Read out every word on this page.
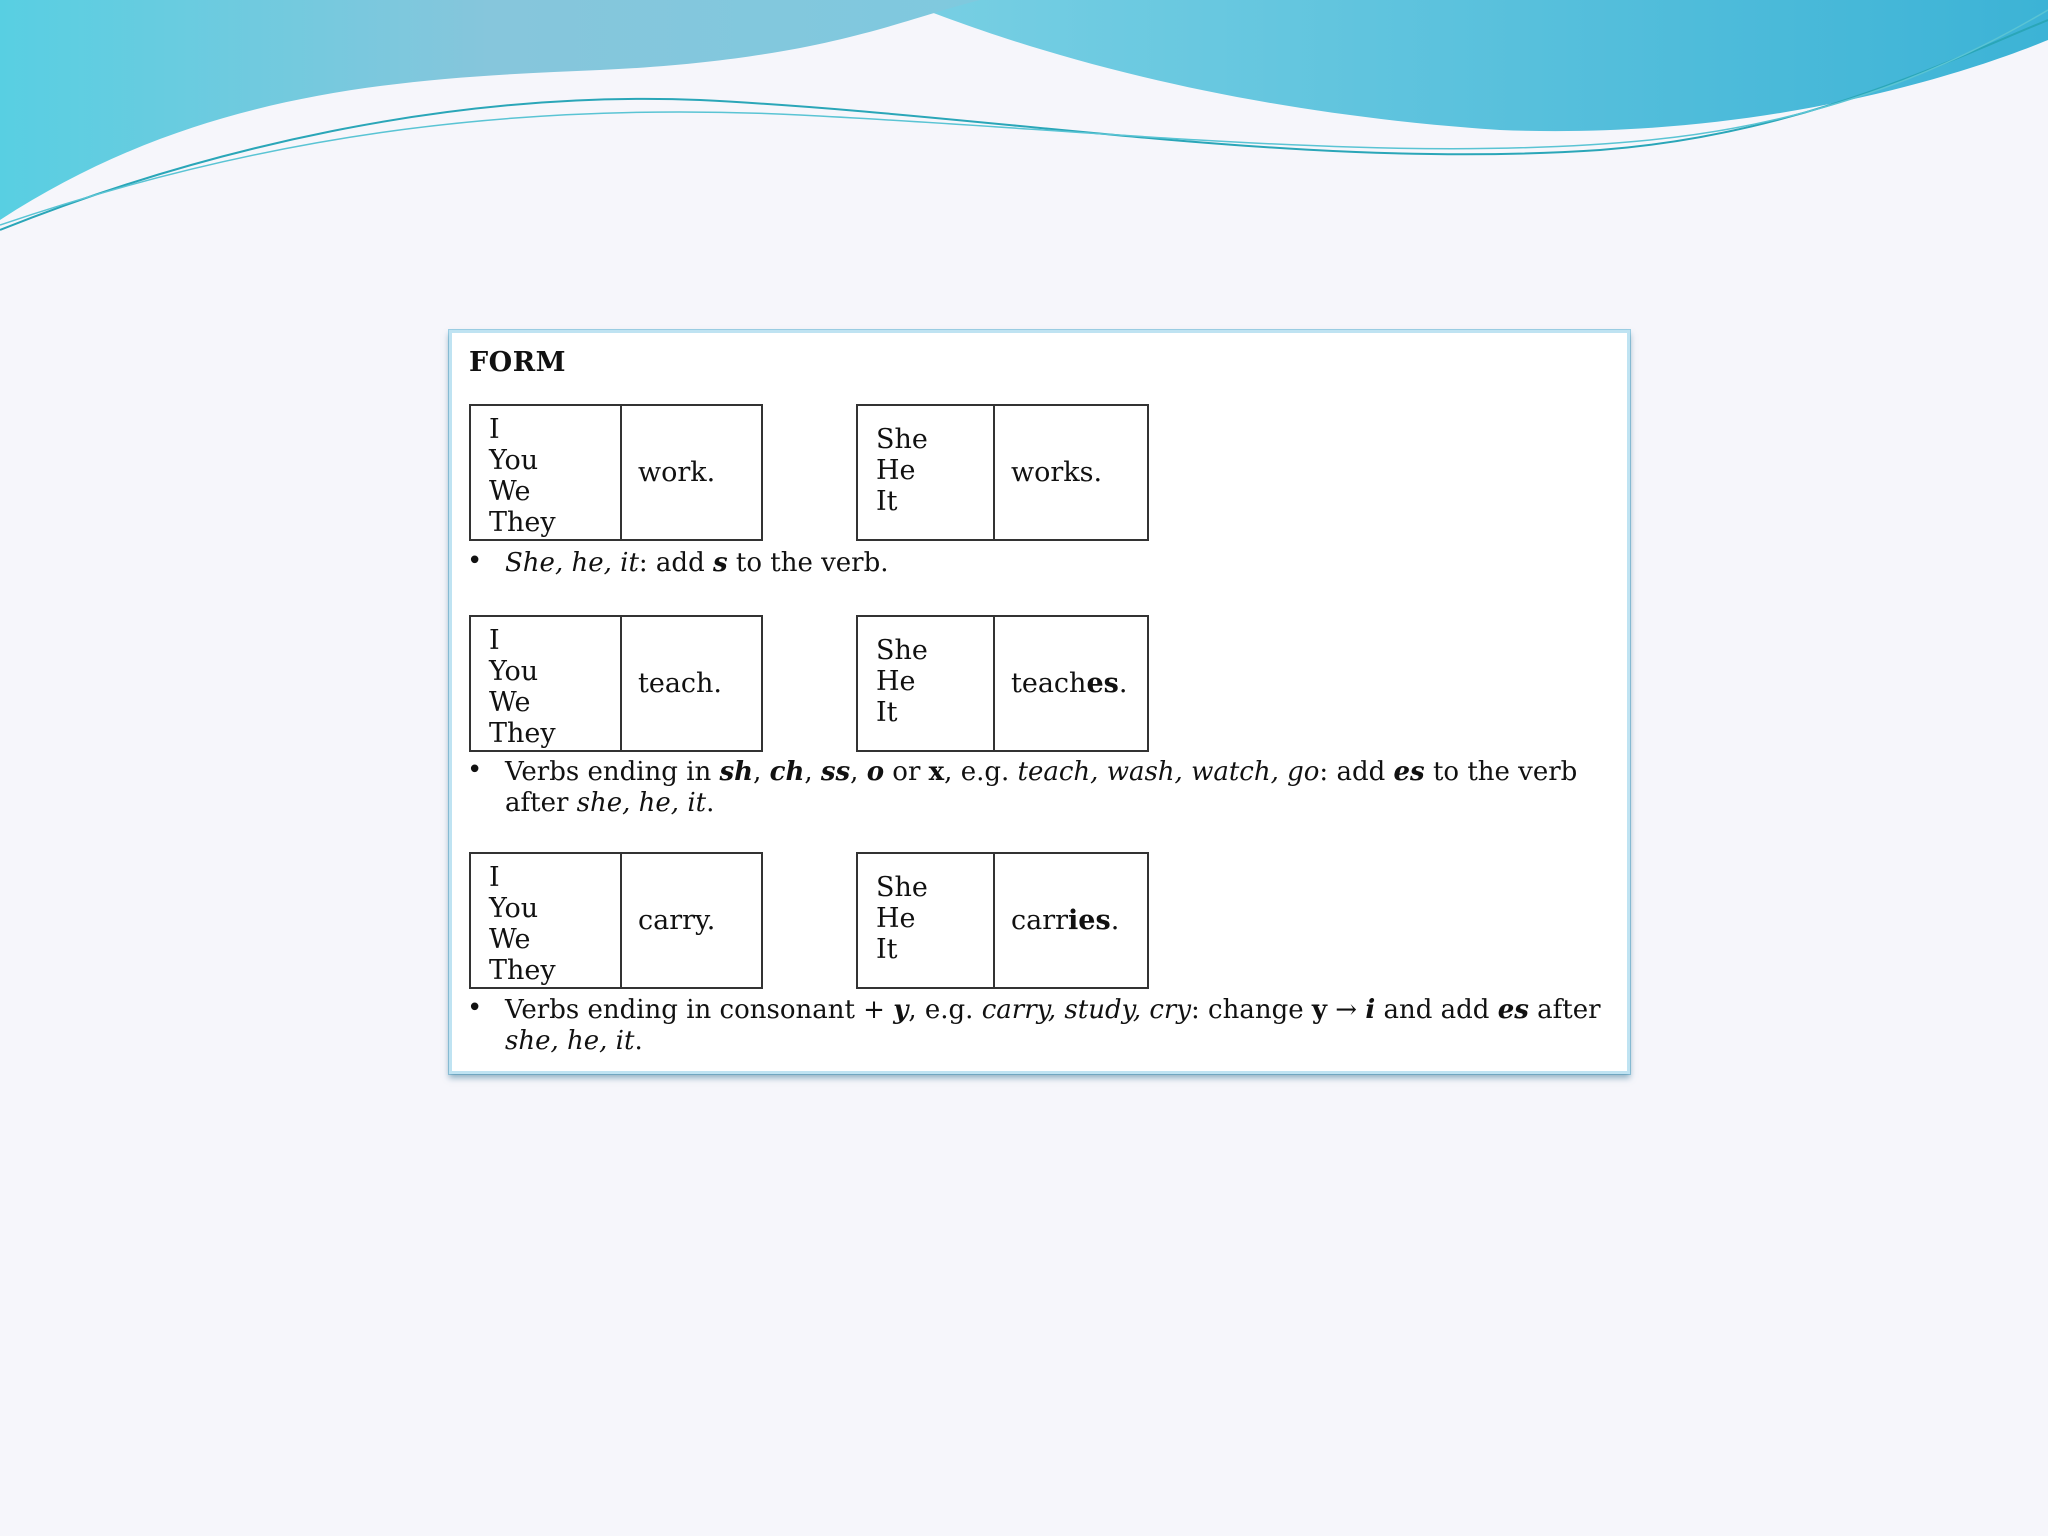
FORM
I
You
We
They
work.
She
He
It
works .
• She, he, it: add s to the verb.
I
You
We
They
teach.
She
He
It
teach es .
• Verbs ending in sh, ch, ss, o or x, e.g. teach, wash, watch, go: add es to the verb after she, he, it.
I
You
We
They
carry.
She
He
It
carr ies .
• Verbs ending in consonant + y, e.g. carry, study, cry: change y → i and add es after she, he, it.
